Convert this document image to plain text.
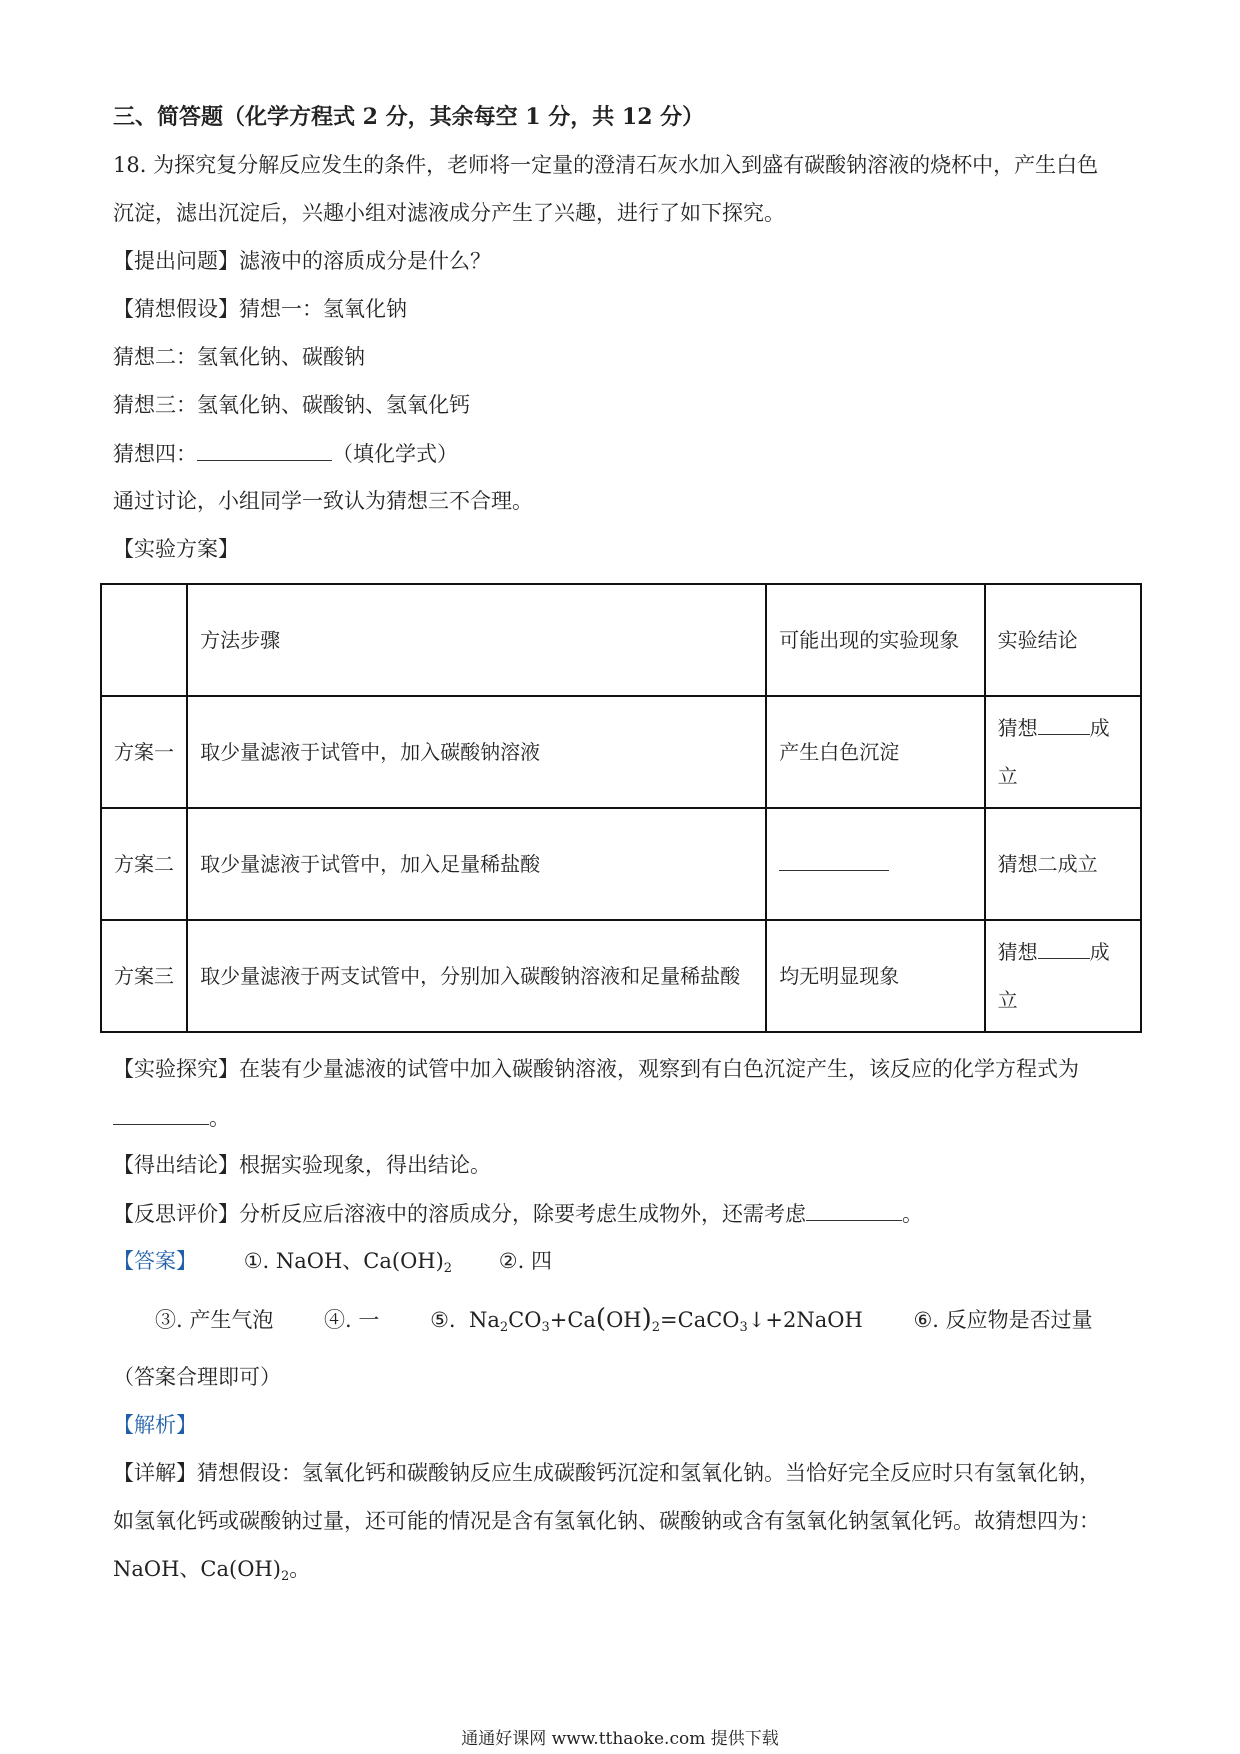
三、简答题（化学方程式 2 分，其余每空 1 分，共 12 分）
18. 为探究复分解反应发生的条件，老师将一定量的澄清石灰水加入到盛有碳酸钠溶液的烧杯中，产生白色
沉淀，滤出沉淀后，兴趣小组对滤液成分产生了兴趣，进行了如下探究。
【提出问题】滤液中的溶质成分是什么？
【猜想假设】猜想一：氢氧化钠
猜想二：氢氧化钠、碳酸钠
猜想三：氢氧化钠、碳酸钠、氢氧化钙
猜想四：	（填化学式）
通过讨论，小组同学一致认为猜想三不合理。
【实验方案】
	方法步骤	可能出现的实验现象	实验结论
方案一	取少量滤液于试管中，加入碳酸钠溶液	产生白色沉淀	猜想 成立
方案二	取少量滤液于试管中，加入足量稀盐酸		猜想二成立
方案三	取少量滤液于两支试管中，分别加入碳酸钠溶液和足量稀盐酸	均无明显现象	猜想 成立
【实验探究】在装有少量滤液的试管中加入碳酸钠溶液，观察到有白色沉淀产生，该反应的化学方程式为
。
【得出结论】根据实验现象，得出结论。
【反思评价】分析反应后溶液中的溶质成分，除要考虑生成物外，还需考虑	。
【答案】 ①. NaOH、$Ca(OH)_2$ ②. 四
③. 产生气泡 ④. 一 ⑤.  $Na_2CO_3+Ca(OH)_2=CaCO_3↓+2NaOH$ ⑥. 反应物是否过量
（答案合理即可）
【解析】
【详解】猜想假设：氢氧化钙和碳酸钠反应生成碳酸钙沉淀和氢氧化钠。当恰好完全反应时只有氢氧化钠，
如氢氧化钙或碳酸钠过量，还可能的情况是含有氢氧化钠、碳酸钠或含有氢氧化钠氢氧化钙。故猜想四为：
NaOH、$Ca(OH)_2$。
通通好课网 www.tthaoke.com 提供下载
